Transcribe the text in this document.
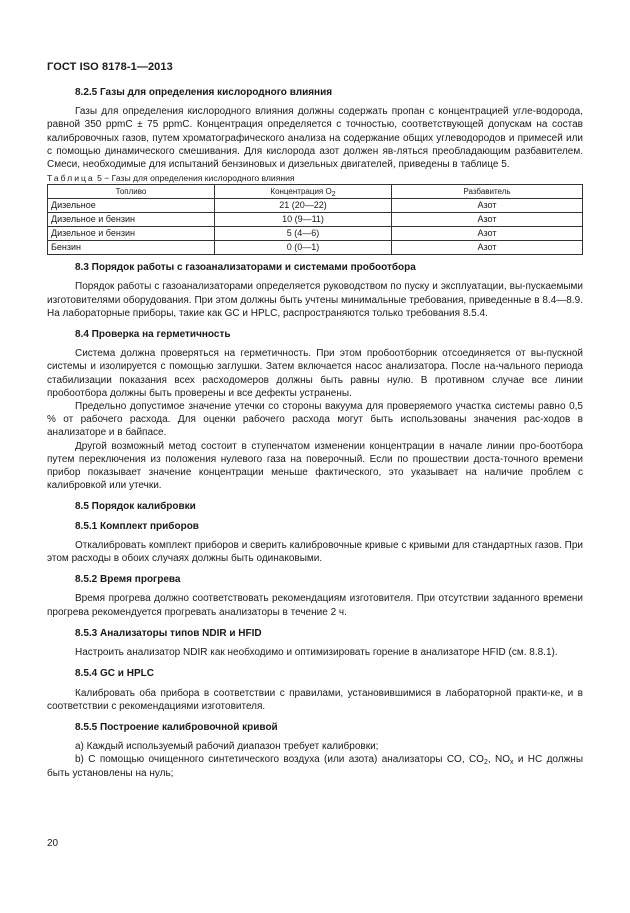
ГОСТ ISO 8178-1—2013

8.2.5 Газы для определения кислородного влияния

Газы для определения кислородного влияния должны содержать пропан с концентрацией угле-водорода, равной 350 ppmC ± 75 ppmC. Концентрация определяется с точностью, соответствующей допускам на состав калибровочных газов, путем хроматографического анализа на содержание общих углеводородов и примесей или с помощью динамического смешивания. Для кислорода азот должен яв-ляться преобладающим разбавителем. Смеси, необходимые для испытаний бензиновых и дизельных двигателей, приведены в таблице 5.

Таблица 5 − Газы для определения кислородного влияния

Топливо	Концентрация $O_2$	Разбавитель
Дизельное	21 (20—22)	Азот
Дизельное и бензин	10 (9—11)	Азот
Дизельное и бензин	5 (4—6)	Азот
Бензин	0 (0—1)	Азот

8.3 Порядок работы с газоанализаторами и системами пробоотбора

Порядок работы с газоанализаторами определяется руководством по пуску и эксплуатации, вы-пускаемыми изготовителями оборудования. При этом должны быть учтены минимальные требования, приведенные в 8.4—8.9. На лабораторные приборы, такие как GC и HPLC, распространяются только требования 8.5.4.

8.4 Проверка на герметичность

Система должна проверяться на герметичность. При этом пробоотборник отсоединяется от вы-пускной системы и изолируется с помощью заглушки. Затем включается насос анализатора. После на-чального периода стабилизации показания всех расходомеров должны быть равны нулю. В противном случае все линии пробоотбора должны быть проверены и все дефекты устранены.

Предельно допустимое значение утечки со стороны вакуума для проверяемого участка системы равно 0,5 % от рабочего расхода. Для оценки рабочего расхода могут быть использованы значения рас-ходов в анализаторе и в байпасе.

Другой возможный метод состоит в ступенчатом изменении концентрации в начале линии про-боотбора путем переключения из положения нулевого газа на поверочный. Если по прошествии доста-точного времени прибор показывает значение концентрации меньше фактического, это указывает на наличие проблем с калибровкой или утечки.

8.5 Порядок калибровки

8.5.1 Комплект приборов

Откалибровать комплект приборов и сверить калибровочные кривые с кривыми для стандартных газов. При этом расходы в обоих случаях должны быть одинаковыми.

8.5.2 Время прогрева

Время прогрева должно соответствовать рекомендациям изготовителя. При отсутствии заданного времени прогрева рекомендуется прогревать анализаторы в течение 2 ч.

8.5.3 Анализаторы типов NDIR и HFID

Настроить анализатор NDIR как необходимо и оптимизировать горение в анализаторе HFID (см. 8.8.1).

8.5.4 GC и HPLC

Калибровать оба прибора в соответствии с правилами, установившимися в лабораторной практи-ке, и в соответствии с рекомендациями изготовителя.

8.5.5 Построение калибровочной кривой

a) Каждый используемый рабочий диапазон требует калибровки;

b) С помощью очищенного синтетического воздуха (или азота) анализаторы CO, $CO_2$, $NO_x$ и HC должны быть установлены на нуль;

20
